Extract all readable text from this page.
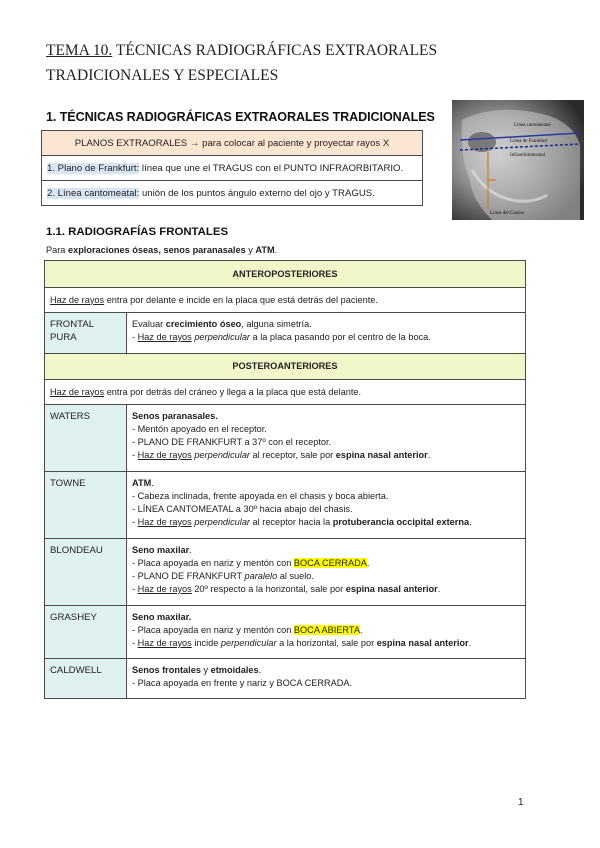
TEMA 10. TÉCNICAS RADIOGRÁFICAS EXTRAORALES TRADICIONALES Y ESPECIALES
1. TÉCNICAS RADIOGRÁFICAS EXTRAORALES TRADICIONALES
PLANOS EXTRAORALES → para colocar al paciente y proyectar rayos X
1. Plano de Frankfurt: línea que une el TRAGUS con el PUNTO INFRAORBITARIO.
2. Línea cantomeatal: unión de los puntos ángulo externo del ojo y TRAGUS.
Línea cantomeatal
Línea de Frankfurt
Infraorbitomeatal
Línea del Canino
1.1. RADIOGRAFÍAS FRONTALES
Para exploraciones óseas, senos paranasales y ATM.
ANTEROPOSTERIORES	
Haz de rayos entra por delante e incide en la placa que está detrás del paciente.	
FRONTAL PURA	Evaluar crecimiento óseo, alguna simetría.
- Haz de rayos perpendicular a la placa pasando por el centro de la boca.

POSTEROANTERIORES	
Haz de rayos entra por detrás del cráneo y llega a la placa que está delante.	
WATERS	Senos paranasales.
- Mentón apoyado en el receptor.
- PLANO DE FRANKFURT a 37º con el receptor.
- Haz de rayos perpendicular al receptor, sale por espina nasal anterior.

TOWNE	ATM.
- Cabeza inclinada, frente apoyada en el chasis y boca abierta.
- LÍNEA CANTOMEATAL a 30º hacia abajo del chasis.
- Haz de rayos perpendicular al receptor hacia la protuberancia occipital externa.

BLONDEAU	Seno maxilar.
- Placa apoyada en nariz y mentón con BOCA CERRADA.
- PLANO DE FRANKFURT paralelo al suelo.
- Haz de rayos 20º respecto a la horizontal, sale por espina nasal anterior.

GRASHEY	Seno maxilar.
- Placa apoyada en nariz y mentón con BOCA ABIERTA.
- Haz de rayos incide perpendicular a la horizontal, sale por espina nasal anterior.

CALDWELL	Senos frontales y etmoidales.
- Placa apoyada en frente y nariz y BOCA CERRADA.
1
